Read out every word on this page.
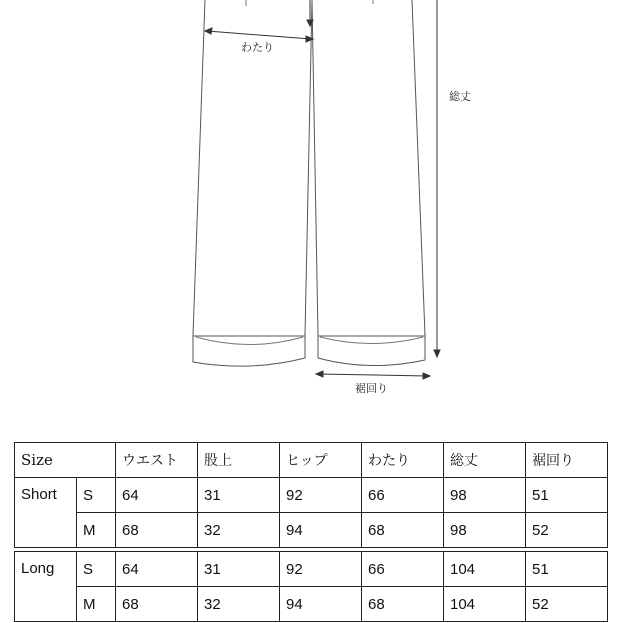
わたり
総丈
裾回り
Size		ウエスト	股上	ヒップ	わたり	総丈	裾回り
Short	S	64	31	92	66	98	51
	M	68	32	94	68	98	52
Long	S	64	31	92	66	104	51
	M	68	32	94	68	104	52
